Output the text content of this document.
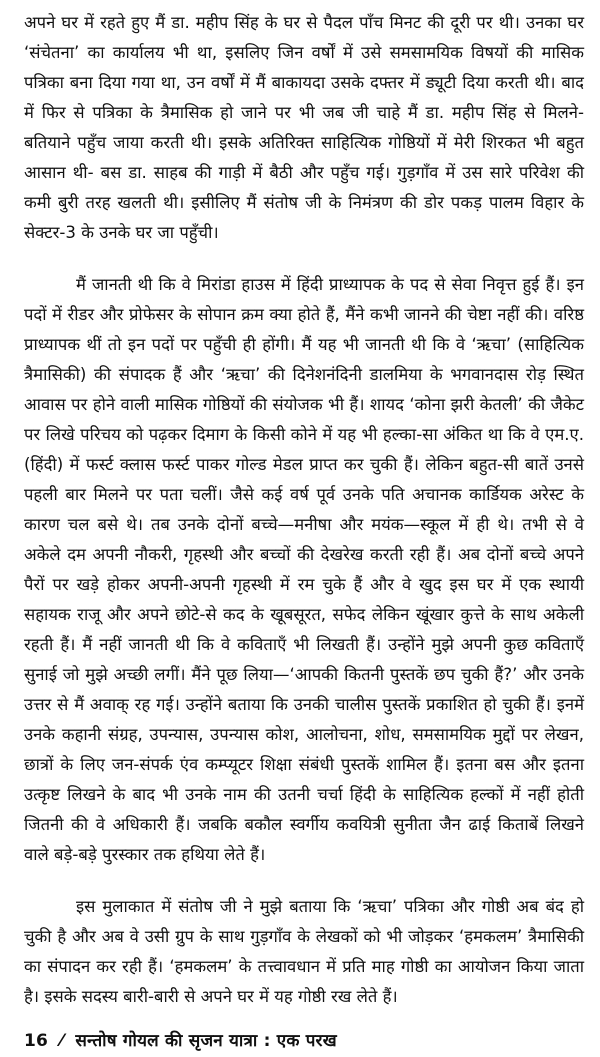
अपने घर में रहते हुए मैं डा. महीप सिंह के घर से पैदल पाँच मिनट की दूरी पर थी। उनका घर ‘संचेतना’ का कार्यालय भी था, इसलिए जिन वर्षों में उसे समसामयिक विषयों की मासिक पत्रिका बना दिया गया था, उन वर्षों में मैं बाकायदा उसके दफ्तर में ड्यूटी दिया करती थी। बाद में फिर से पत्रिका के त्रैमासिक हो जाने पर भी जब जी चाहे मैं डा. महीप सिंह से मिलने-बतियाने पहुँच जाया करती थी। इसके अतिरिक्त साहित्यिक गोष्ठियों में मेरी शिरकत भी बहुत आसान थी- बस डा. साहब की गाड़ी में बैठी और पहुँच गई। गुड़गाँव में उस सारे परिवेश की कमी बुरी तरह खलती थी। इसीलिए मैं संतोष जी के निमंत्रण की डोर पकड़ पालम विहार के सेक्टर-3 के उनके घर जा पहुँची।

मैं जानती थी कि वे मिरांडा हाउस में हिंदी प्राध्यापक के पद से सेवा निवृत्त हुई हैं। इन पदों में रीडर और प्रोफेसर के सोपान क्रम क्या होते हैं, मैंने कभी जानने की चेष्टा नहीं की। वरिष्ठ प्राध्यापक थीं तो इन पदों पर पहुँची ही होंगी। मैं यह भी जानती थी कि वे ‘ऋचा’ (साहित्यिक त्रैमासिकी) की संपादक हैं और ‘ऋचा’ की दिनेशनंदिनी डालमिया के भगवानदास रोड़ स्थित आवास पर होने वाली मासिक गोष्ठियों की संयोजक भी हैं। शायद ‘कोना झरी केतली’ की जैकेट पर लिखे परिचय को पढ़कर दिमाग के किसी कोने में यह भी हल्का-सा अंकित था कि वे एम.ए. (हिंदी) में फर्स्ट क्लास फर्स्ट पाकर गोल्ड मेडल प्राप्त कर चुकी हैं। लेकिन बहुत-सी बातें उनसे पहली बार मिलने पर पता चलीं। जैसे कई वर्ष पूर्व उनके पति अचानक कार्डियक अरेस्ट के कारण चल बसे थे। तब उनके दोनों बच्चे—मनीषा और मयंक—स्कूल में ही थे। तभी से वे अकेले दम अपनी नौकरी, गृहस्थी और बच्चों की देखरेख करती रही हैं। अब दोनों बच्चे अपने पैरों पर खड़े होकर अपनी-अपनी गृहस्थी में रम चुके हैं और वे खुद इस घर में एक स्थायी सहायक राजू और अपने छोटे-से कद के खूबसूरत, सफेद लेकिन खूंखार कुत्ते के साथ अकेली रहती हैं। मैं नहीं जानती थी कि वे कविताएँ भी लिखती हैं। उन्होंने मुझे अपनी कुछ कविताएँ सुनाई जो मुझे अच्छी लगीं। मैंने पूछ लिया—‘आपकी कितनी पुस्तकें छप चुकी हैं?’ और उनके उत्तर से मैं अवाक् रह गई। उन्होंने बताया कि उनकी चालीस पुस्तकें प्रकाशित हो चुकी हैं। इनमें उनके कहानी संग्रह, उपन्यास, उपन्यास कोश, आलोचना, शोध, समसामयिक मुद्दों पर लेखन, छात्रों के लिए जन-संपर्क एंव कम्प्यूटर शिक्षा संबंधी पुस्तकें शामिल हैं। इतना बस और इतना उत्कृष्ट लिखने के बाद भी उनके नाम की उतनी चर्चा हिंदी के साहित्यिक हल्कों में नहीं होती जितनी की वे अधिकारी हैं। जबकि बकौल स्वर्गीय कवयित्री सुनीता जैन ढाई किताबें लिखने वाले बड़े-बड़े पुरस्कार तक हथिया लेते हैं।

इस मुलाकात में संतोष जी ने मुझे बताया कि ‘ऋचा’ पत्रिका और गोष्ठी अब बंद हो चुकी है और अब वे उसी ग्रुप के साथ गुड़गाँव के लेखकों को भी जोड़कर ‘हमकलम’ त्रैमासिकी का संपादन कर रही हैं। ‘हमकलम’ के तत्त्वावधान में प्रति माह गोष्ठी का आयोजन किया जाता है। इसके सदस्य बारी-बारी से अपने घर में यह गोष्ठी रख लेते हैं।

16 ⁄ सन्तोष गोयल की सृजन यात्रा : एक परख
